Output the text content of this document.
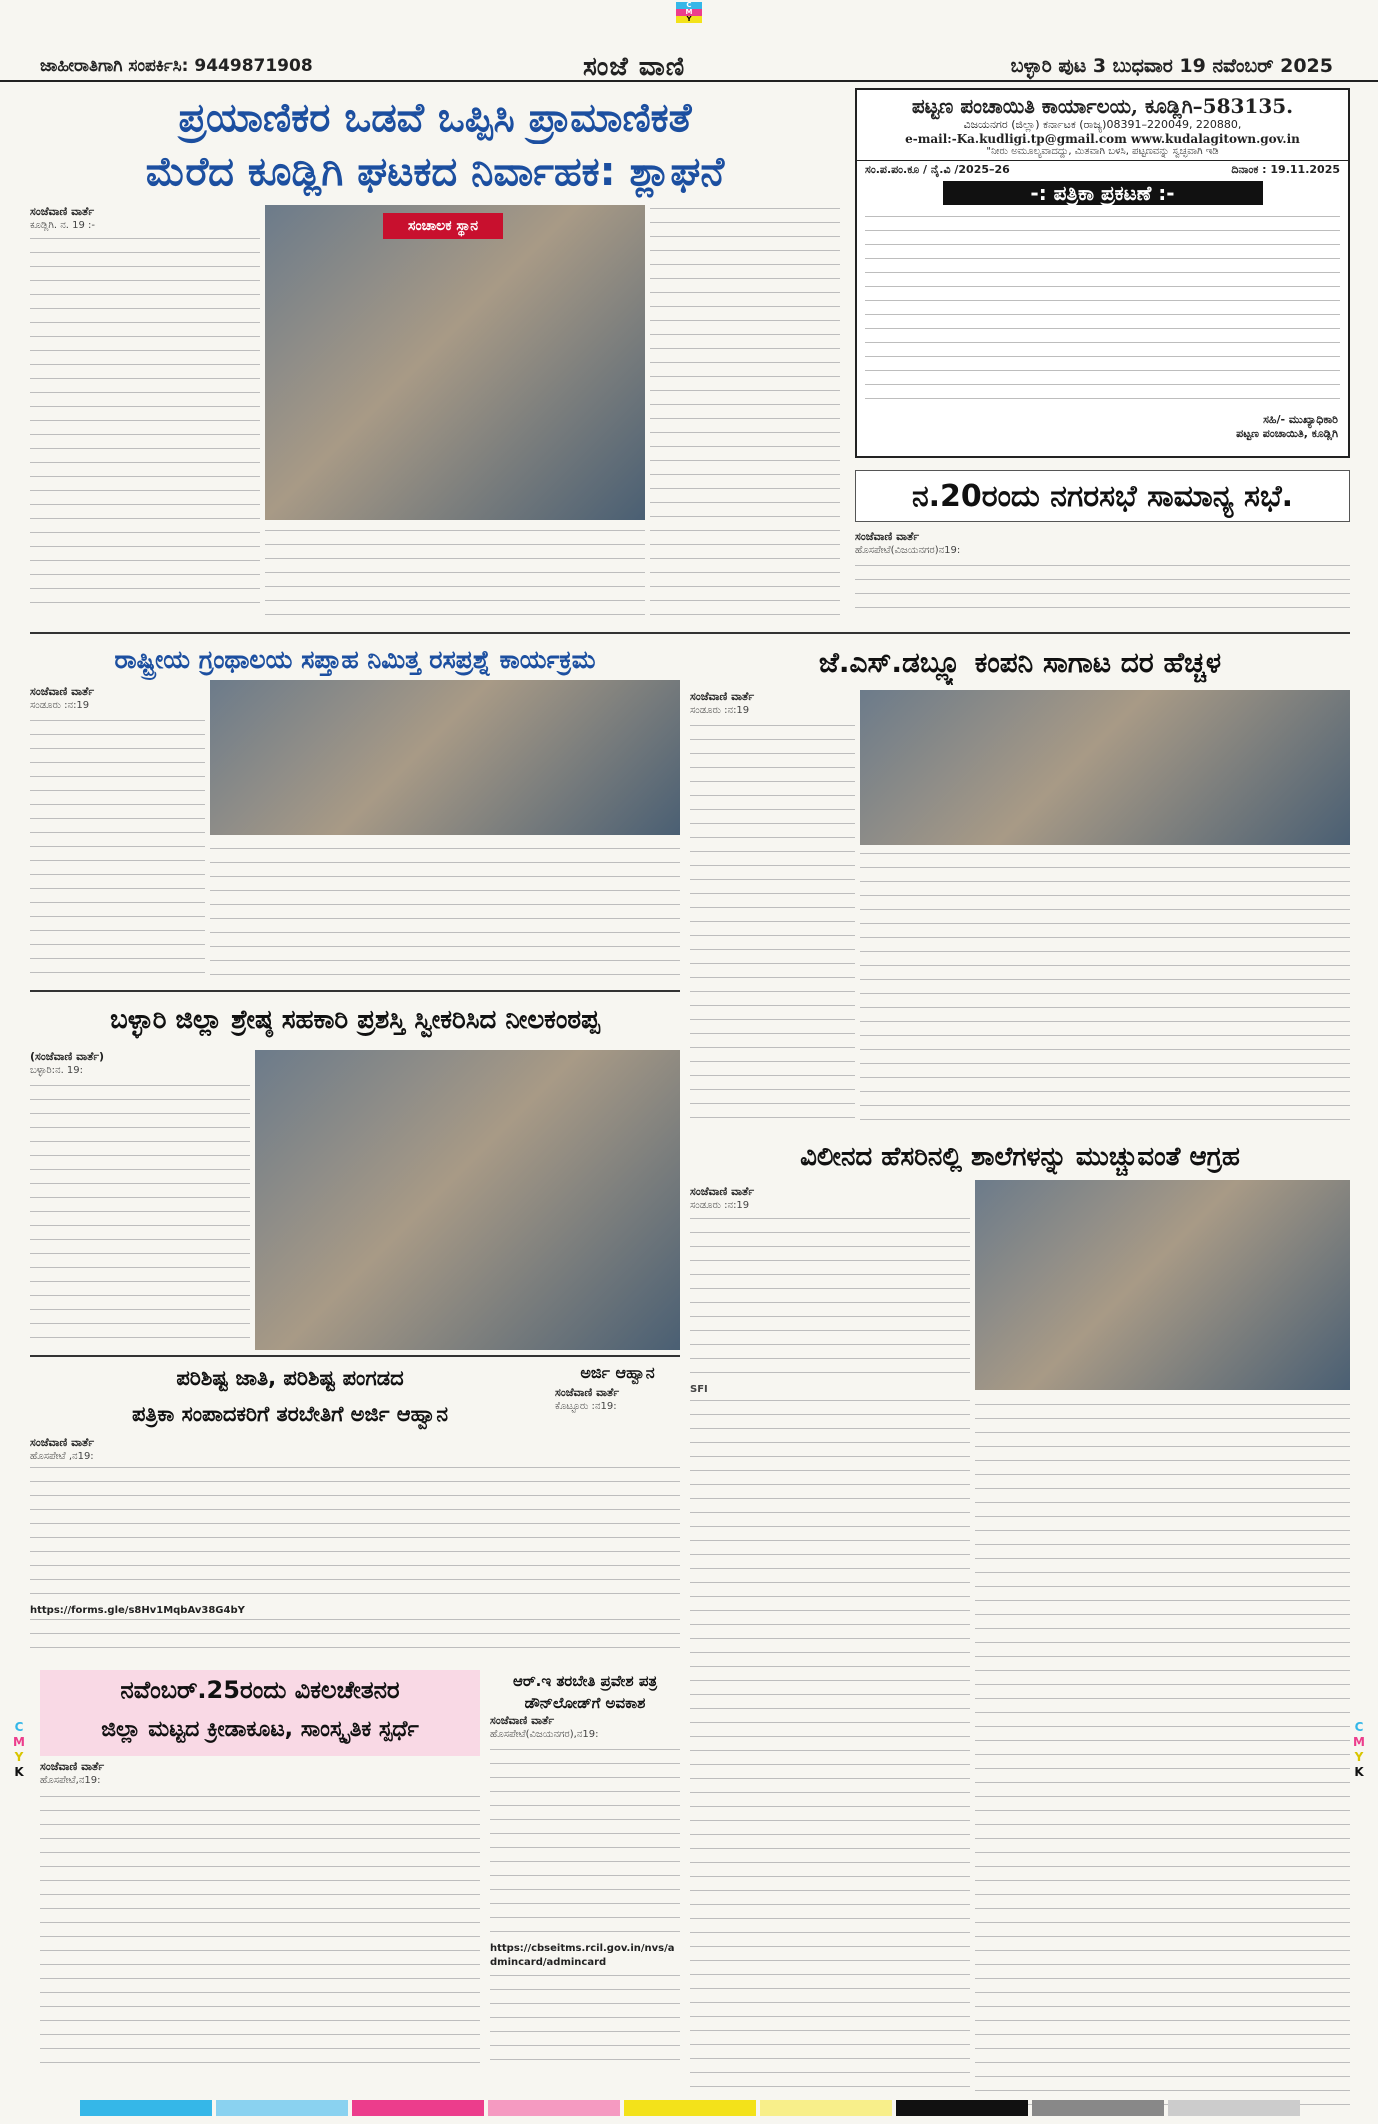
C
M
Y
ಜಾಹೀರಾತಿಗಾಗಿ ಸಂಪರ್ಕಿಸಿ: 9449871908	ಸಂಜೆ ವಾಣಿ	ಬಳ್ಳಾರಿ ಪುಟ 3 ಬುಧವಾರ 19 ನವೆಂಬರ್ 2025
ಪ್ರಯಾಣಿಕರ ಒಡವೆ ಒಪ್ಪಿಸಿ ಪ್ರಾಮಾಣಿಕತೆ
ಮೆರೆದ ಕೂಡ್ಲಿಗಿ ಘಟಕದ ನಿರ್ವಾಹಕ: ಶ್ಲಾಘನೆ
ಸಂಜೆವಾಣಿ ವಾರ್ತೆ
ಕೂಡ್ಲಿಗಿ. ನ. 19 :-	ಸಂಚಾಲಕ ಸ್ಥಾನ
ಪಟ್ಟಣ ಪಂಚಾಯಿತಿ ಕಾರ್ಯಾಲಯ, ಕೂಡ್ಲಿಗಿ–583135.
ವಿಜಯನಗರ (ಜಿಲ್ಲಾ) ಕರ್ನಾಟಕ (ರಾಜ್ಯ)08391–220049, 220880,
e-mail:-Ka.kudligi.tp@gmail.com www.kudalagitown.gov.in
"ನೀರು ಅಮೂಲ್ಯವಾದದ್ದು, ಮಿತವಾಗಿ ಬಳಸಿ, ಪಟ್ಟಣವನ್ನು ಸ್ವಚ್ಛವಾಗಿ ಇಡಿ
ಸಂ.ಪ.ಪಂ.ಕೂ / ನೈ.ವಿ /2025–26	ದಿನಾಂಕ : 19.11.2025
-: ಪತ್ರಿಕಾ ಪ್ರಕಟಣೆ :-
ಸಹಿ/- ಮುಖ್ಯಾಧಿಕಾರಿ
ಪಟ್ಟಣ ಪಂಚಾಯಿತಿ, ಕೂಡ್ಲಿಗಿ
ನ.20ರಂದು ನಗರಸಭೆ ಸಾಮಾನ್ಯ ಸಭೆ.
ಸಂಜೆವಾಣಿ ವಾರ್ತೆ
ಹೊಸಪೇಟೆ(ವಿಜಯನಗರ)ನ19:
ರಾಷ್ಟ್ರೀಯ ಗ್ರಂಥಾಲಯ ಸಪ್ತಾಹ ನಿಮಿತ್ತ ರಸಪ್ರಶ್ನೆ ಕಾರ್ಯಕ್ರಮ
ಸಂಜೆವಾಣಿ ವಾರ್ತೆ
ಸಂಡೂರು :ನ:19
ಜೆ.ಎಸ್.ಡಬ್ಲ್ಯೂ ಕಂಪನಿ ಸಾಗಾಟ ದರ ಹೆಚ್ಚಳ
ಸಂಜೆವಾಣಿ ವಾರ್ತೆ
ಸಂಡೂರು :ನ:19
ಬಳ್ಳಾರಿ ಜಿಲ್ಲಾ ಶ್ರೇಷ್ಠ ಸಹಕಾರಿ ಪ್ರಶಸ್ತಿ ಸ್ವೀಕರಿಸಿದ ನೀಲಕಂಠಪ್ಪ
(ಸಂಜೆವಾಣಿ ವಾರ್ತೆ)
ಬಳ್ಳಾರಿ:ನ. 19:
ವಿಲೀನದ ಹೆಸರಿನಲ್ಲಿ ಶಾಲೆಗಳನ್ನು ಮುಚ್ಚುವಂತೆ ಆಗ್ರಹ
ಸಂಜೆವಾಣಿ ವಾರ್ತೆ
ಸಂಡೂರು :ನ:19
SFI
ಪರಿಶಿಷ್ಟ ಜಾತಿ, ಪರಿಶಿಷ್ಟ ಪಂಗಡದ
ಪತ್ರಿಕಾ ಸಂಪಾದಕರಿಗೆ ತರಬೇತಿಗೆ ಅರ್ಜಿ ಆಹ್ವಾನ
ಸಂಜೆವಾಣಿ ವಾರ್ತೆ
ಹೊಸಪೇಟೆ ,ನ19:
https://forms.gle/s8Hv1MqbAv38G4bY
ಅರ್ಜಿ ಆಹ್ವಾನ
ಸಂಜೆವಾಣಿ ವಾರ್ತೆ
ಕೊಟ್ಟೂರು :ನ19:
ನವೆಂಬರ್.25ರಂದು ವಿಕಲಚೇತನರ
ಜಿಲ್ಲಾ ಮಟ್ಟದ ಕ್ರೀಡಾಕೂಟ, ಸಾಂಸ್ಕೃತಿಕ ಸ್ಪರ್ಧೆ
ಸಂಜೆವಾಣಿ ವಾರ್ತೆ
ಹೊಸಪೇಟೆ,ನ19:
ಆರ್.ಇ ತರಬೇತಿ ಪ್ರವೇಶ ಪತ್ರ
ಡೌನ್‌ಲೋಡ್‌ಗೆ ಅವಕಾಶ
ಸಂಜೆವಾಣಿ ವಾರ್ತೆ
ಹೊಸಪೇಟೆ(ವಿಜಯನಗರ),ನ19:
https://cbseitms.rcil.gov.in/nvs/admincard/admincard
C
M
Y
K
C
M
Y
K
